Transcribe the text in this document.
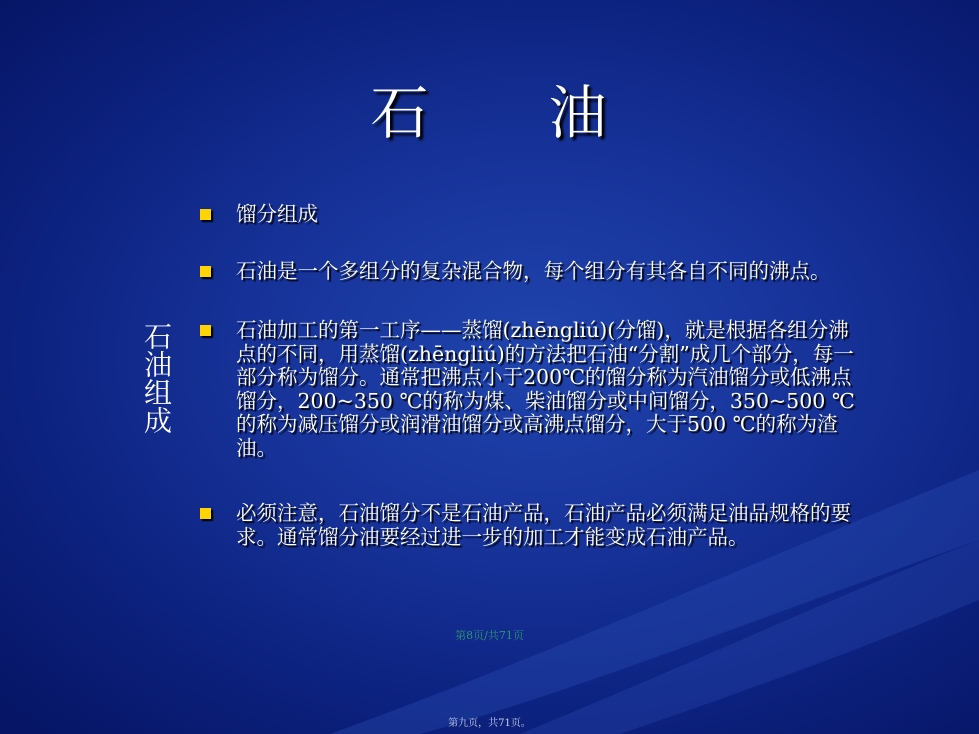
石 油
石油组成
馏分组成
石油是一个多组分的复杂混合物，每个组分有其各自不同的沸点。
石油加工的第一工序——蒸馏(zhēngliú)(分馏)，就是根据各组分沸点的不同，用蒸馏(zhēngliú)的方法把石油“分割”成几个部分，每一部分称为馏分。通常把沸点小于200℃的馏分称为汽油馏分或低沸点馏分，200~350 ℃的称为煤、柴油馏分或中间馏分，350~500 ℃的称为减压馏分或润滑油馏分或高沸点馏分，大于500 ℃的称为渣油。
必须注意，石油馏分不是石油产品，石油产品必须满足油品规格的要求。通常馏分油要经过进一步的加工才能变成石油产品。
第8页/共71页
第九页，共71页。
